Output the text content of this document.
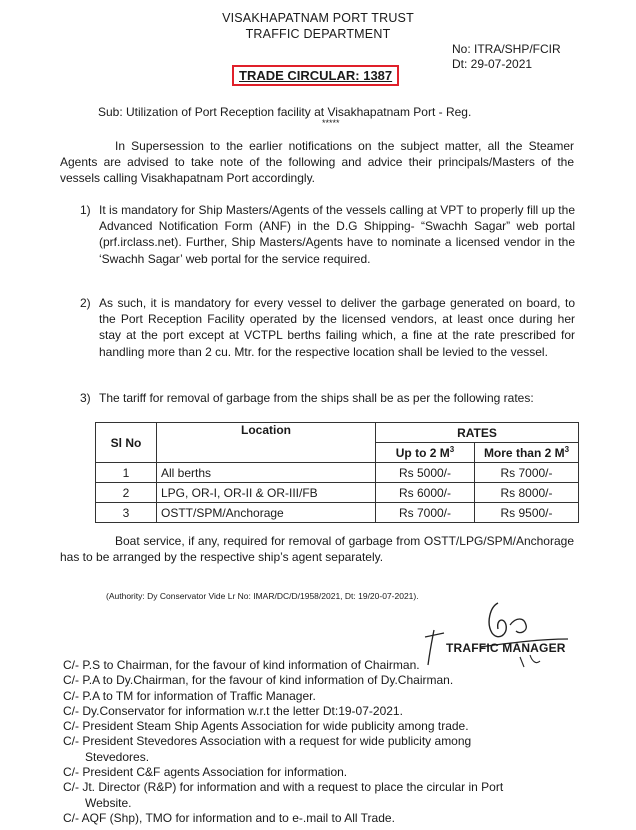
VISAKHAPATNAM PORT TRUST
TRAFFIC DEPARTMENT
No: ITRA/SHP/FCIR
Dt: 29-07-2021
TRADE CIRCULAR: 1387
Sub: Utilization of Port Reception facility at Visakhapatnam Port - Reg.
*****
In Supersession to the earlier notifications on the subject matter, all the Steamer Agents are advised to take note of the following and advice their principals/Masters of the vessels calling Visakhapatnam Port accordingly.
1) It is mandatory for Ship Masters/Agents of the vessels calling at VPT to properly fill up the Advanced Notification Form (ANF) in the D.G Shipping- “Swachh Sagar” web portal (prf.irclass.net). Further, Ship Masters/Agents have to nominate a licensed vendor in the ‘Swachh Sagar’ web portal for the service required.
2) As such, it is mandatory for every vessel to deliver the garbage generated on board, to the Port Reception Facility operated by the licensed vendors, at least once during her stay at the port except at VCTPL berths failing which, a fine at the rate prescribed for handling more than 2 cu. Mtr. for the respective location shall be levied to the vessel.
3) The tariff for removal of garbage from the ships shall be as per the following rates:
Sl No	Location	RATES	
		Up to 2 $M^3$	More than 2 $M^3$
1	All berths	Rs 5000/-	Rs 7000/-
2	LPG, OR-I, OR-II & OR-III/FB	Rs 6000/-	Rs 8000/-
3	OSTT/SPM/Anchorage	Rs 7000/-	Rs 9500/-
Boat service, if any, required for removal of garbage from OSTT/LPG/SPM/Anchorage has to be arranged by the respective ship’s agent separately.
(Authority: Dy Conservator Vide Lr No: IMAR/DC/D/1958/2021, Dt: 19/20-07-2021).
TRAFFIC MANAGER
C/- P.S to Chairman, for the favour of kind information of Chairman.
C/- P.A to Dy.Chairman, for the favour of kind information of Dy.Chairman.
C/- P.A to TM for information of Traffic Manager.
C/- Dy.Conservator for information w.r.t the letter Dt:19-07-2021.
C/- President Steam Ship Agents Association for wide publicity among trade.
C/- President Stevedores Association with a request for wide publicity among
Stevedores.
C/- President C&F agents Association for information.
C/- Jt. Director (R&P) for information and with a request to place the circular in Port
Website.
C/- AQF (Shp), TMO for information and to e-.mail to All Trade.
